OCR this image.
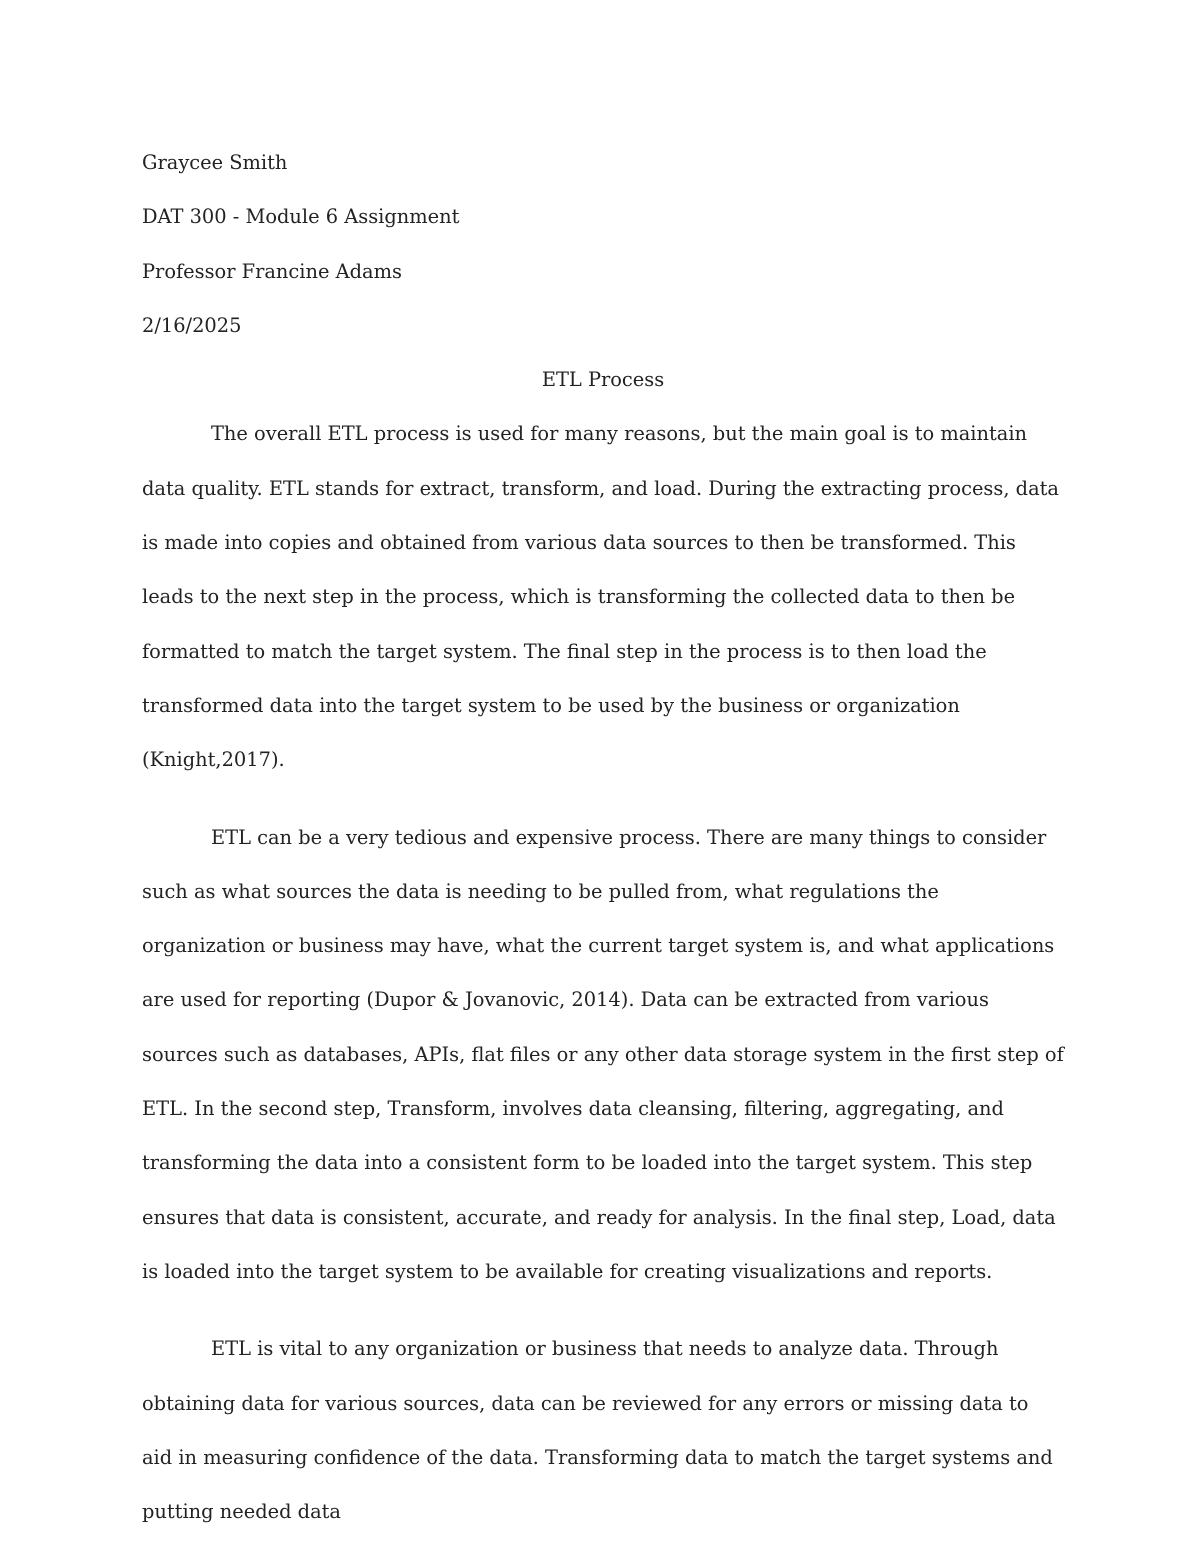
Graycee Smith

DAT 300 - Module 6 Assignment

Professor Francine Adams

2/16/2025

ETL Process

The overall ETL process is used for many reasons, but the main goal is to maintain data quality. ETL stands for extract, transform, and load. During the extracting process, data is made into copies and obtained from various data sources to then be transformed. This leads to the next step in the process, which is transforming the collected data to then be formatted to match the target system. The final step in the process is to then load the transformed data into the target system to be used by the business or organization (Knight,2017).

ETL can be a very tedious and expensive process. There are many things to consider such as what sources the data is needing to be pulled from, what regulations the organization or business may have, what the current target system is, and what applications are used for reporting (Dupor & Jovanovic, 2014). Data can be extracted from various sources such as databases, APIs, flat files or any other data storage system in the first step of ETL. In the second step, Transform, involves data cleansing, filtering, aggregating, and transforming the data into a consistent form to be loaded into the target system. This step ensures that data is consistent, accurate, and ready for analysis. In the final step, Load, data is loaded into the target system to be available for creating visualizations and reports.

ETL is vital to any organization or business that needs to analyze data. Through obtaining data for various sources, data can be reviewed for any errors or missing data to aid in measuring confidence of the data. Transforming data to match the target systems and putting needed data
